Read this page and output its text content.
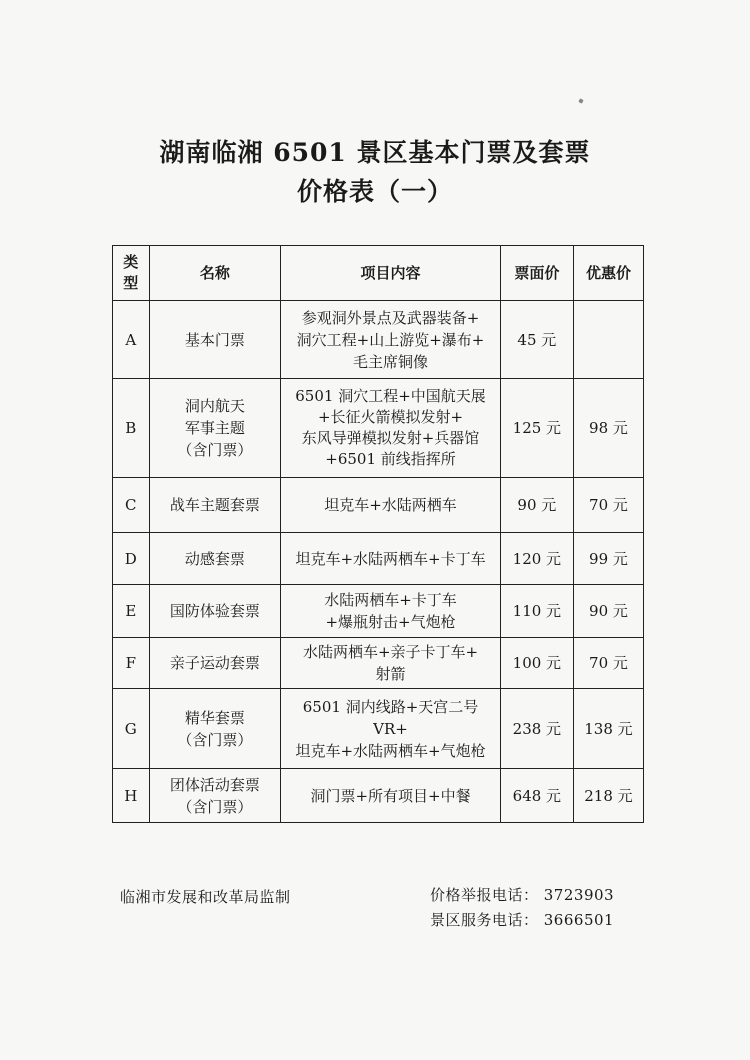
湖南临湘 6501 景区基本门票及套票
价格表（一）
类
型	名称	项目内容	票面价	优惠价
A	基本门票	参观洞外景点及武器装备+
洞穴工程+山上游览+瀑布+
毛主席铜像	45 元	
B	洞内航天
军事主题
（含门票）	6501 洞穴工程+中国航天展
+长征火箭模拟发射+
东风导弹模拟发射+兵器馆
+6501 前线指挥所	125 元	98 元
C	战车主题套票	坦克车+水陆两栖车	90 元	70 元
D	动感套票	坦克车+水陆两栖车+卡丁车	120 元	99 元
E	国防体验套票	水陆两栖车+卡丁车
+爆瓶射击+气炮枪	110 元	90 元
F	亲子运动套票	水陆两栖车+亲子卡丁车+
射箭	100 元	70 元
G	精华套票
（含门票）	6501 洞内线路+天宫二号
VR+
坦克车+水陆两栖车+气炮枪	238 元	138 元
H	团体活动套票
（含门票）	洞门票+所有项目+中餐	648 元	218 元
临湘市发展和改革局监制	价格举报电话： 3723903
景区服务电话： 3666501
